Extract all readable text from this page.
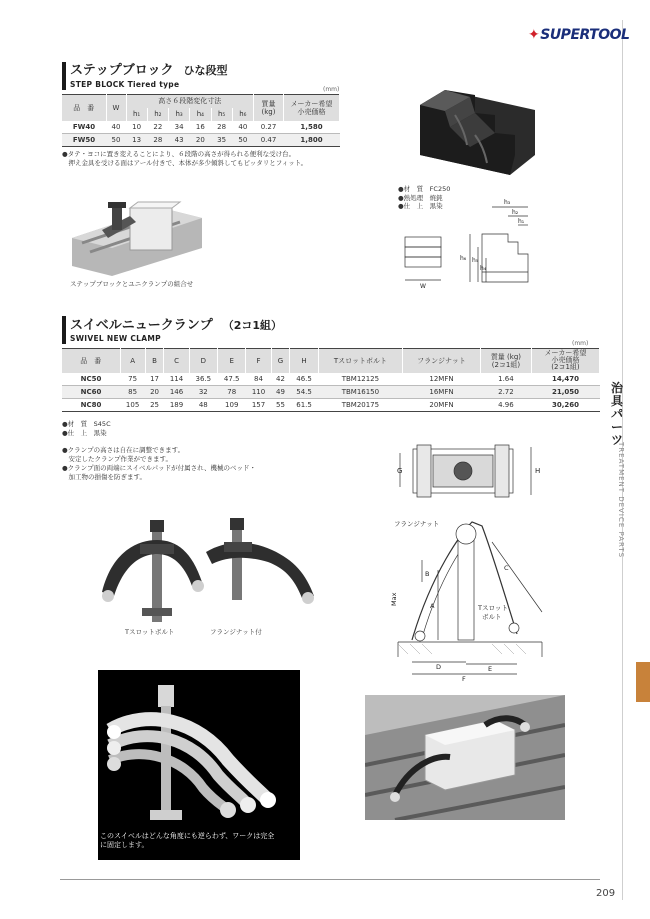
治具パーツ
TREATMENT DEVICE PARTS
209
✦SUPERTOOL
ステップブロック ひな段型
STEP BLOCK Tiered type
(mm)
品　番	W	高さ６段階変化寸法						質量
(kg)	メーカー希望
小売価格
		h₁	h₂	h₃	h₄	h₅	h₆		
FW40	40	10	22	34	16	28	40	0.27	1,580
FW50	50	13	28	43	20	35	50	0.47	1,800
●タテ・ヨコに置き変えることにより、６段階の高さが得られる便利な受け台。
　押え金具を受ける面はアール付きで、本体が多少傾斜してもピッタリとフィット。
ステップブロックとユニクランプの組合せ
●材　質　FC250
●熱処理　焼鈍
●仕　上　黒染	h₃
h₂
h₁
h₆ h₅
h₄
W
スイベルニュークランプ （2コ1組）
SWIVEL NEW CLAMP
(mm)
品　番	A	B	C	D	E	F	G	H	Tスロットボルト	フランジナット	質量 (kg)
(2コ1組)	メーカー希望
小売価格
(2コ1組)
NC50	75	17	114	36.5	47.5	84	42	46.5	TBM12125	12MFN	1.64	14,470
NC60	85	20	146	32	78	110	49	54.5	TBM16150	16MFN	2.72	21,050
NC80	105	25	189	48	109	157	55	61.5	TBM20175	20MFN	4.96	30,260
●材　質　S45C
●仕　上　黒染
●クランプの高さは自在に調整できます。
　安定したクランプ作業ができます。
●クランプ面の両端にスイベルパッドが付属され、機械のベッド・
　加工物の損傷を防ぎます。
Tスロットボルト	フランジナット付
G	H
フランジナット
Tスロット
ボルト
Max	A
B
C
D	E
F
このスイベルはどんな角度にも逆らわず、ワークは完全
に固定します。
